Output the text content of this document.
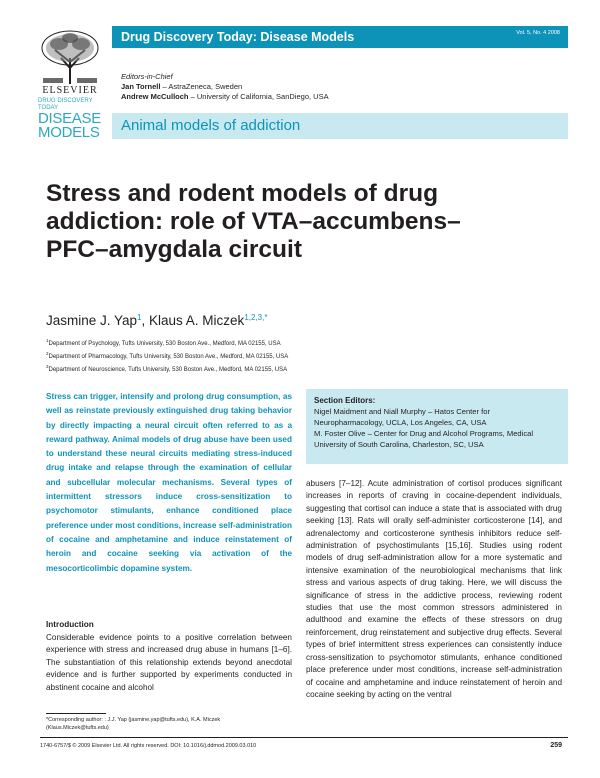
ELSEVIER
DRUG DISCOVERY TODAY
DISEASE
MODELS
Drug Discovery Today: Disease Models	Vol. 5, No. 4 2008
Editors-in-Chief
Jan Tornell – AstraZeneca, Sweden
Andrew McCulloch – University of California, SanDiego, USA
Animal models of addiction
Stress and rodent models of drug addiction: role of VTA–accumbens–PFC–amygdala circuit
Jasmine J. Yap$^1$, Klaus A. Miczek$^{1,2,3,*}$
$^1$Department of Psychology, Tufts University, 530 Boston Ave., Medford, MA 02155, USA
$^2$Department of Pharmacology, Tufts University, 530 Boston Ave., Medford, MA 02155, USA
$^3$Department of Neuroscience, Tufts University, 530 Boston Ave., Medford, MA 02155, USA

Stress can trigger, intensify and prolong drug consumption, as well as reinstate previously extinguished drug taking behavior by directly impacting a neural circuit often referred to as a reward pathway. Animal models of drug abuse have been used to understand these neural circuits mediating stress-induced drug intake and relapse through the examination of cellular and subcellular molecular mechanisms. Several types of intermittent stressors induce cross-sensitization to psychomotor stimulants, enhance conditioned place preference under most conditions, increase self-administration of cocaine and amphetamine and induce reinstatement of heroin and cocaine seeking via activation of the mesocorticolimbic dopamine system.

Section Editors:
Nigel Maidment and Niall Murphy – Hatos Center for Neuropharmacology, UCLA, Los Angeles, CA, USA
M. Foster Olive – Center for Drug and Alcohol Programs, Medical University of South Carolina, Charleston, SC, USA
Introduction

Considerable evidence points to a positive correlation between experience with stress and increased drug abuse in humans [1–6]. The substantiation of this relationship extends beyond anecdotal evidence and is further supported by experiments conducted in abstinent cocaine and alcohol

abusers [7–12]. Acute administration of cortisol produces significant increases in reports of craving in cocaine-dependent individuals, suggesting that cortisol can induce a state that is associated with drug seeking [13]. Rats will orally self-administer corticosterone [14], and adrenalectomy and corticosterone synthesis inhibitors reduce self-administration of psychostimulants [15,16]. Studies using rodent models of drug self-administration allow for a more systematic and intensive examination of the neurobiological mechanisms that link stress and various aspects of drug taking. Here, we will discuss the significance of stress in the addictive process, reviewing rodent studies that use the most common stressors administered in adulthood and examine the effects of these stressors on drug reinforcement, drug reinstatement and subjective drug effects. Several types of brief intermittent stress experiences can consistently induce cross-sensitization to psychomotor stimulants, enhance conditioned place preference under most conditions, increase self-administration of cocaine and amphetamine and induce reinstatement of heroin and cocaine seeking by acting on the ventral

*Corresponding author: : J.J. Yap (jasmine.yap@tufts.edu), K.A. Miczek
(Klaus.Miczek@tufts.edu)
1740-6757/$ © 2009 Elsevier Ltd. All rights reserved. DOI: 10.1016/j.ddmod.2009.03.010	259
